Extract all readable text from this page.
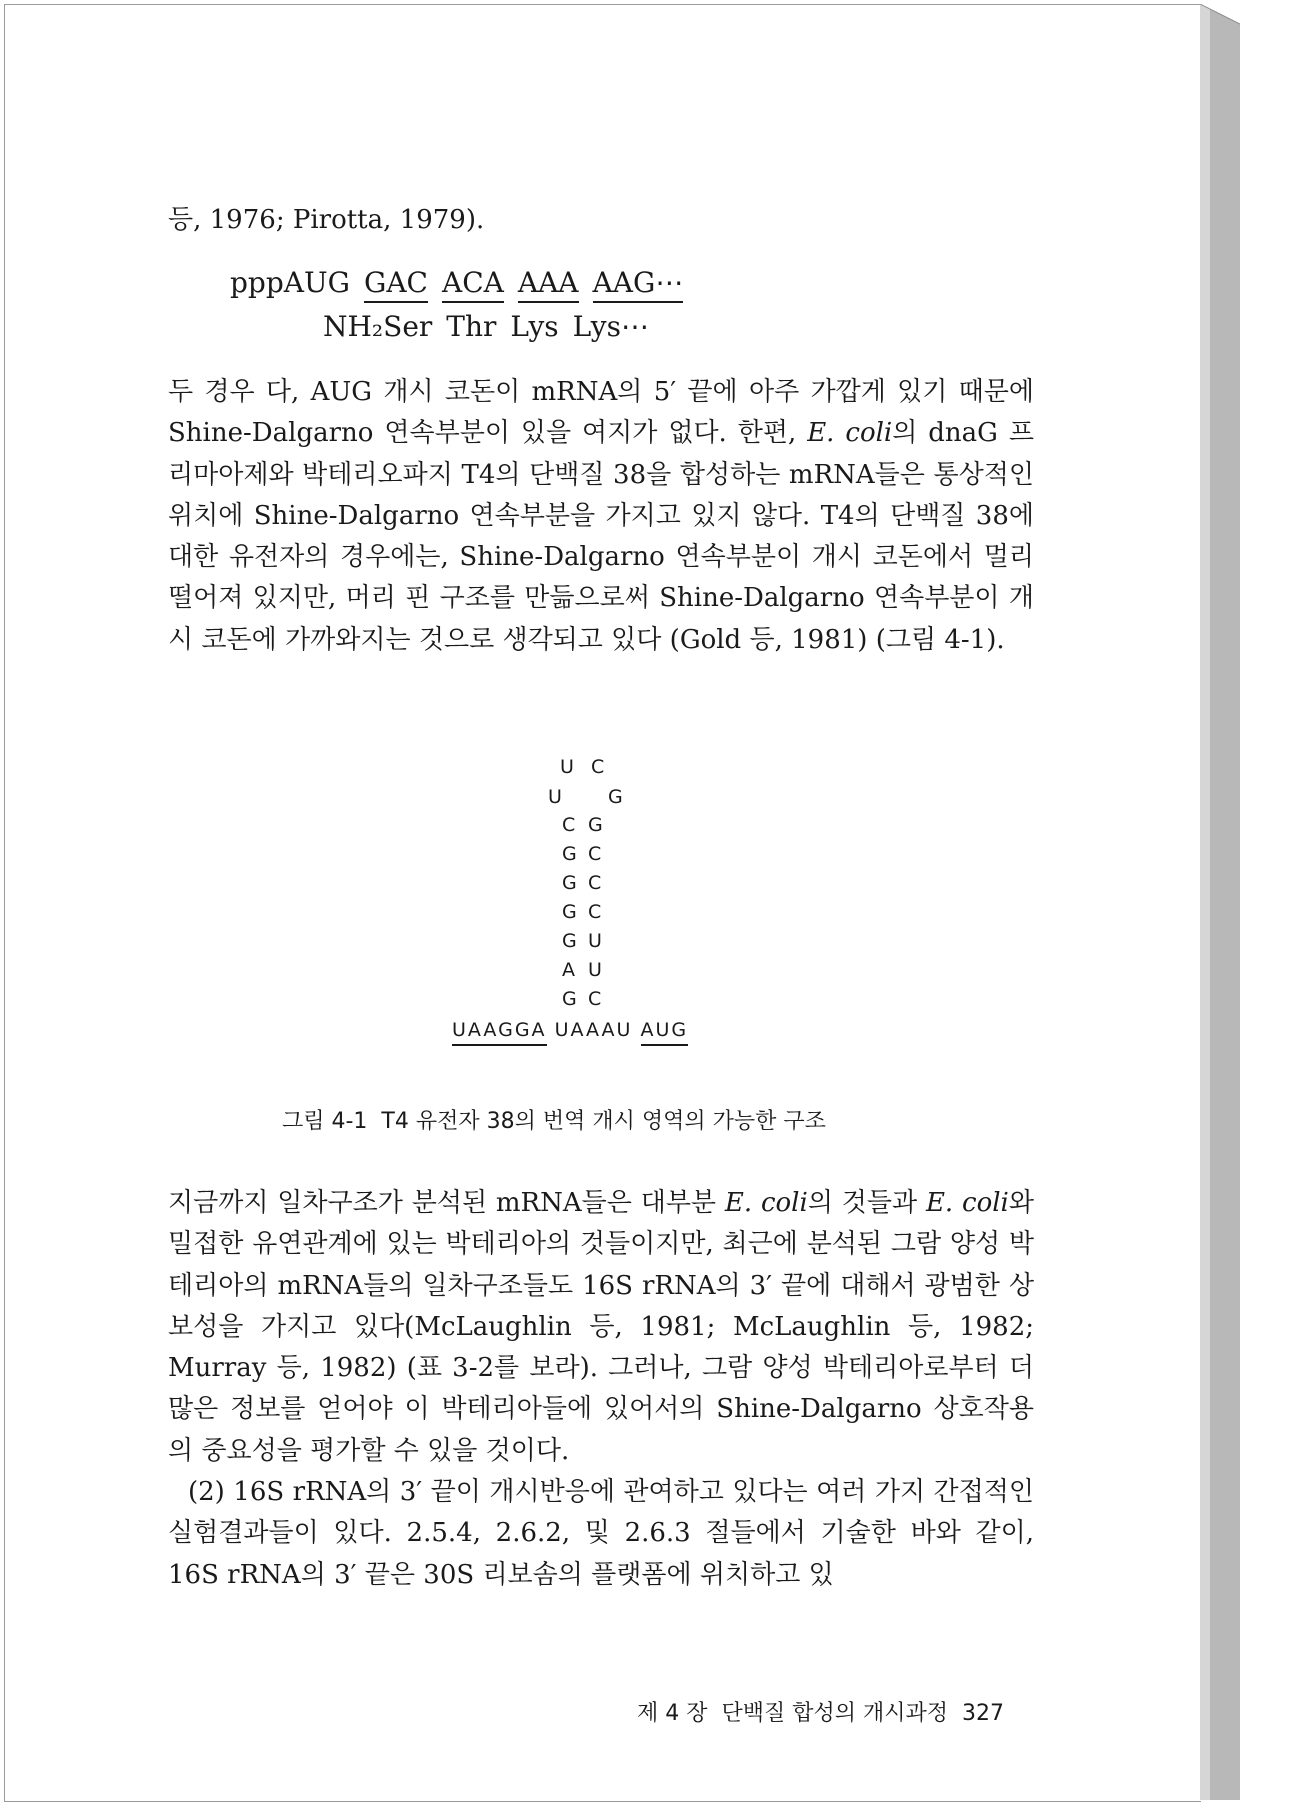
등, 1976; Pirotta, 1979).

pppAUG GAC ACA AAA AAG⋯
NH₂Ser Thr Lys Lys⋯

두 경우 다, AUG 개시 코돈이 mRNA의 5′ 끝에 아주 가깝게 있기 때문에 Shine-Dalgarno 연속부분이 있을 여지가 없다. 한편, E. coli의 dnaG 프리마아제와 박테리오파지 T4의 단백질 38을 합성하는 mRNA들은 통상적인 위치에 Shine-Dalgarno 연속부분을 가지고 있지 않다. T4의 단백질 38에 대한 유전자의 경우에는, Shine-Dalgarno 연속부분이 개시 코돈에서 멀리 떨어져 있지만, 머리 핀 구조를 만듦으로써 Shine-Dalgarno 연속부분이 개시 코돈에 가까와지는 것으로 생각되고 있다 (Gold 등, 1981) (그림 4-1).

U C
U G
C G
G C
G C
G C
G U
A U
G C
UAAGGA UAAAU AUG
그림 4-1  T4 유전자 38의 번역 개시 영역의 가능한 구조

지금까지 일차구조가 분석된 mRNA들은 대부분 E. coli의 것들과 E. coli와 밀접한 유연관계에 있는 박테리아의 것들이지만, 최근에 분석된 그람 양성 박테리아의 mRNA들의 일차구조들도 16S rRNA의 3′ 끝에 대해서 광범한 상보성을 가지고 있다(McLaughlin 등, 1981; McLaughlin 등, 1982; Murray 등, 1982) (표 3-2를 보라). 그러나, 그람 양성 박테리아로부터 더 많은 정보를 얻어야 이 박테리아들에 있어서의 Shine-Dalgarno 상호작용의 중요성을 평가할 수 있을 것이다.

(2) 16S rRNA의 3′ 끝이 개시반응에 관여하고 있다는 여러 가지 간접적인 실험결과들이 있다. 2.5.4, 2.6.2, 및 2.6.3 절들에서 기술한 바와 같이, 16S rRNA의 3′ 끝은 30S 리보솜의 플랫폼에 위치하고 있

제 4 장  단백질 합성의 개시과정  327
